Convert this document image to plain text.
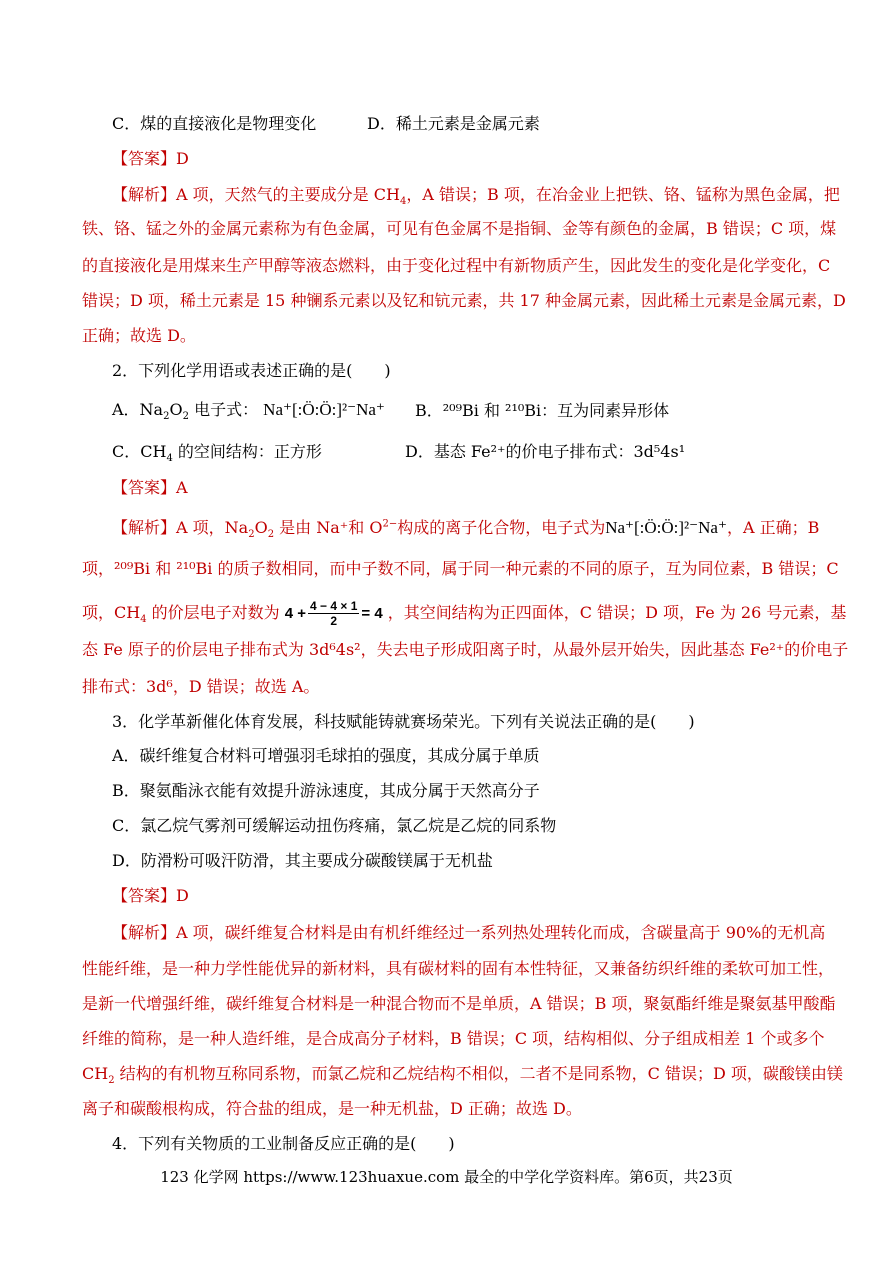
C．煤的直接液化是物理变化	D．稀土元素是金属元素
【答案】D
【解析】A 项，天然气的主要成分是 $CH_4$，A 错误；B 项，在冶金业上把铁、铬、锰称为黑色金属，把
铁、铬、锰之外的金属元素称为有色金属，可见有色金属不是指铜、金等有颜色的金属，B 错误；C 项，煤
的直接液化是用煤来生产甲醇等液态燃料，由于变化过程中有新物质产生，因此发生的变化是化学变化，C
错误；D 项，稀土元素是 15 种镧系元素以及钇和钪元素，共 17 种金属元素，因此稀土元素是金属元素，D
正确；故选 D。
2．下列化学用语或表述正确的是(　　)
A．$Na_2O_2$ 电子式： Na⁺[:Ö:Ö:]²⁻Na⁺ B．²⁰⁹Bi 和 ²¹⁰Bi：互为同素异形体
C．$CH_4$ 的空间结构：正方形	D．基态 Fe²⁺的价电子排布式：3d⁵4s¹
【答案】A
【解析】A 项，$Na_2O_2$ 是由 Na⁺和 $O^{2-}$构成的离子化合物，电子式为Na⁺[:Ö:Ö:]²⁻Na⁺，A 正确；B
项，²⁰⁹Bi 和 ²¹⁰Bi 的质子数相同，而中子数不同，属于同一种元素的不同的原子，互为同位素，B 错误；C
项，$CH_4$ 的价层电子对数为 $4 + \frac{4 - 4 \times 1}{2} = 4$ ，其空间结构为正四面体，C 错误；D 项，Fe 为 26 号元素，基
态 Fe 原子的价层电子排布式为 3d⁶4s²，失去电子形成阳离子时，从最外层开始失，因此基态 Fe²⁺的价电子
排布式：3d⁶，D 错误；故选 A。
3．化学革新催化体育发展，科技赋能铸就赛场荣光。下列有关说法正确的是(　　)
A．碳纤维复合材料可增强羽毛球拍的强度，其成分属于单质
B．聚氨酯泳衣能有效提升游泳速度，其成分属于天然高分子
C．氯乙烷气雾剂可缓解运动扭伤疼痛，氯乙烷是乙烷的同系物
D．防滑粉可吸汗防滑，其主要成分碳酸镁属于无机盐
【答案】D
【解析】A 项，碳纤维复合材料是由有机纤维经过一系列热处理转化而成，含碳量高于 90%的无机高
性能纤维，是一种力学性能优异的新材料，具有碳材料的固有本性特征，又兼备纺织纤维的柔软可加工性，
是新一代增强纤维，碳纤维复合材料是一种混合物而不是单质，A 错误；B 项，聚氨酯纤维是聚氨基甲酸酯
纤维的简称，是一种人造纤维，是合成高分子材料，B 错误；C 项，结构相似、分子组成相差 1 个或多个
$CH_2$ 结构的有机物互称同系物，而氯乙烷和乙烷结构不相似，二者不是同系物，C 错误；D 项，碳酸镁由镁
离子和碳酸根构成，符合盐的组成，是一种无机盐，D 正确；故选 D。
4．下列有关物质的工业制备反应正确的是(　　)
123 化学网 https://www.123huaxue.com 最全的中学化学资料库。第6页，共23页
